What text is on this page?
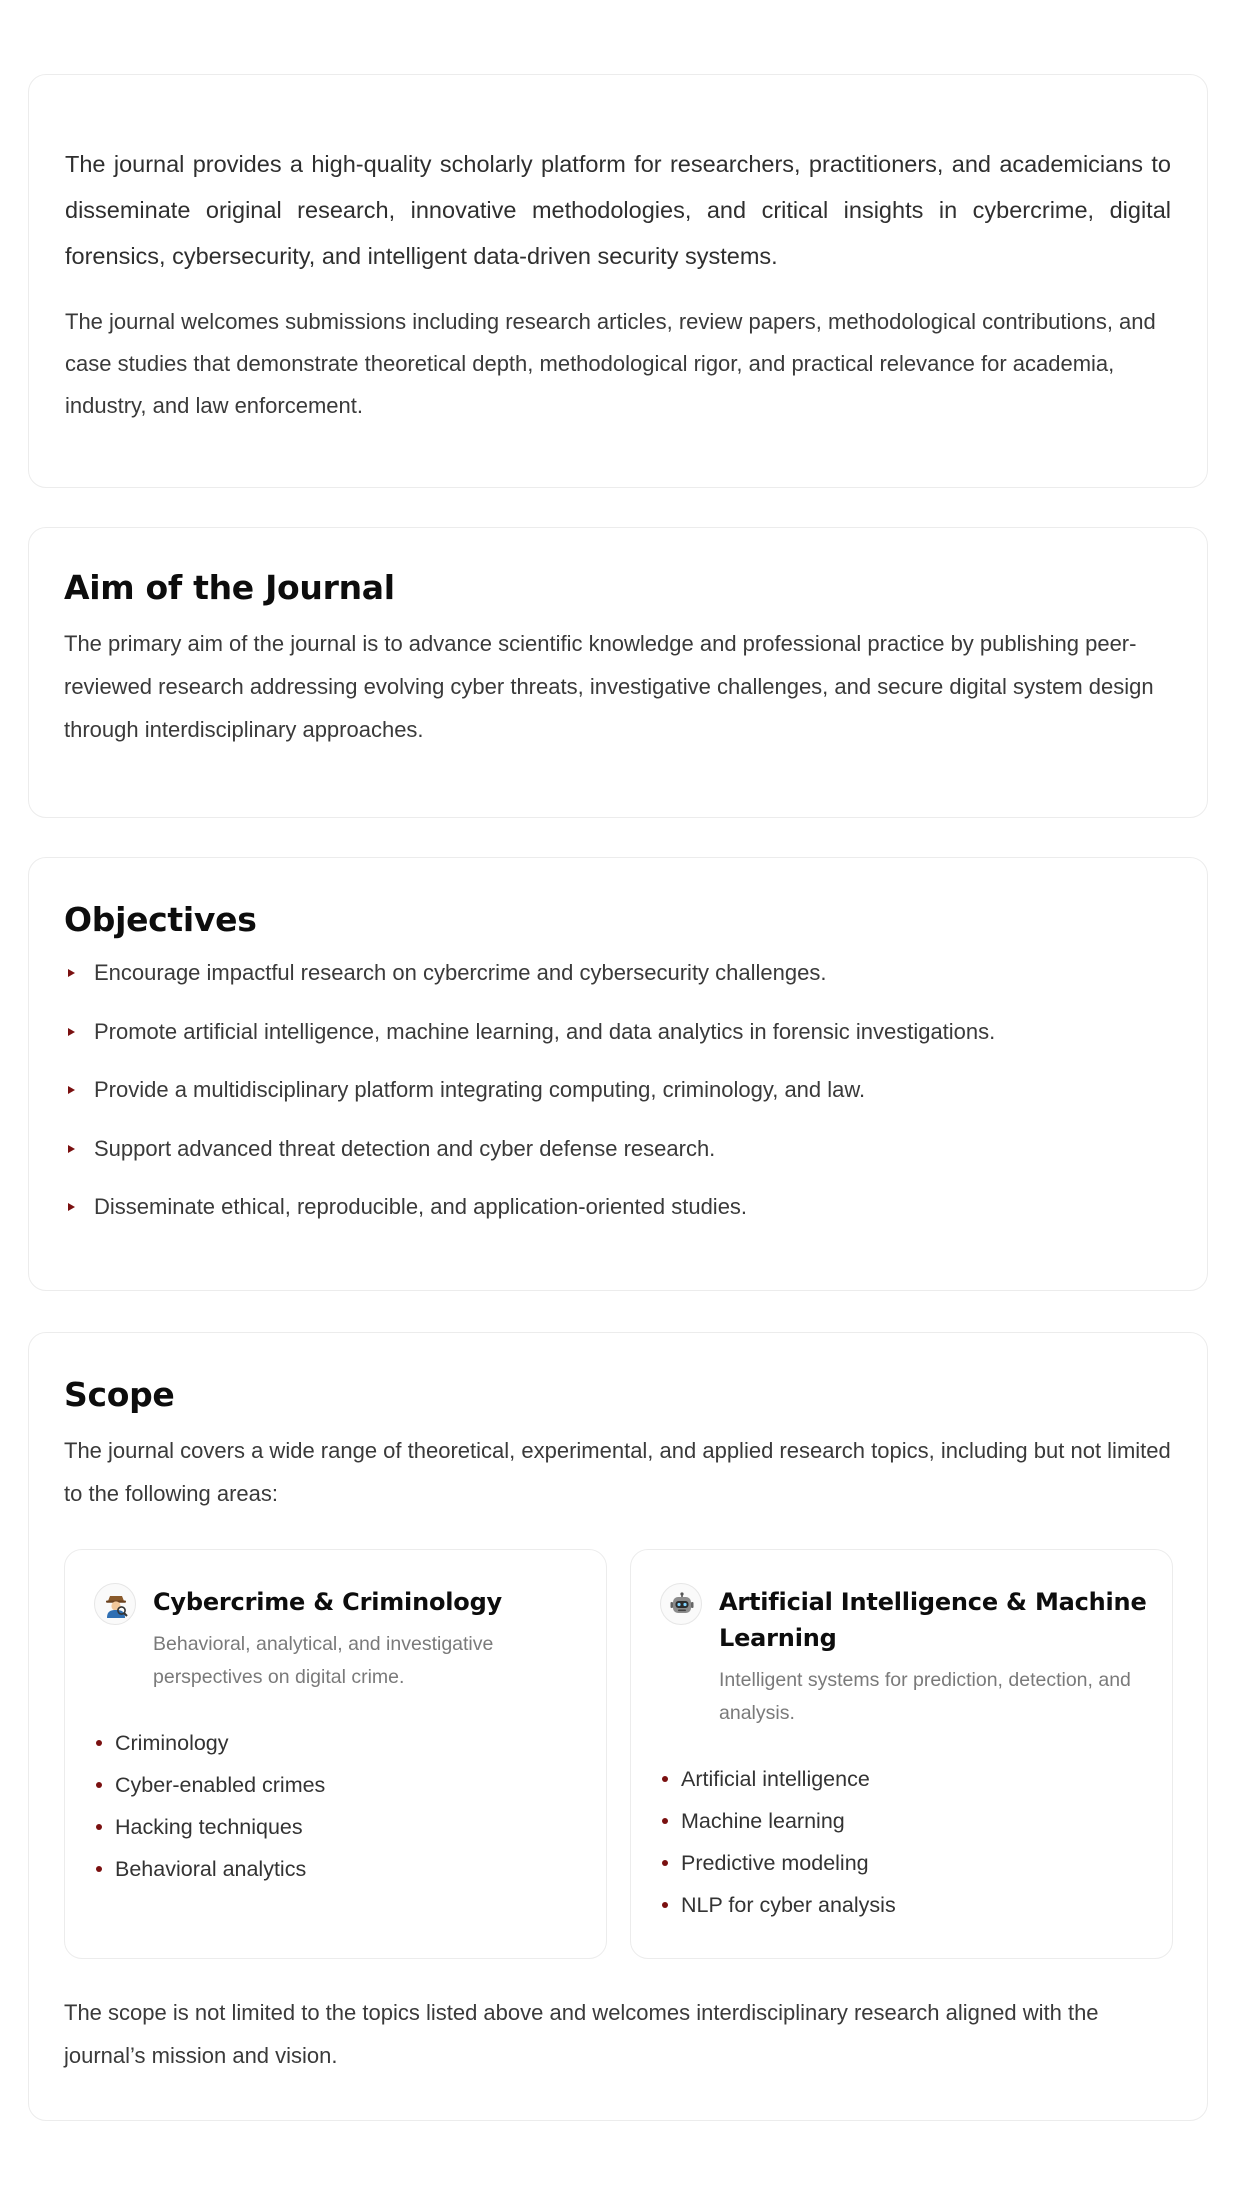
The journal provides a high-quality scholarly platform for researchers, practitioners, and academicians to disseminate original research, innovative methodologies, and critical insights in cybercrime, digital forensics, cybersecurity, and intelligent data-driven security systems.

The journal welcomes submissions including research articles, review papers, methodological contributions, and case studies that demonstrate theoretical depth, methodological rigor, and practical relevance for academia, industry, and law enforcement.

Aim of the Journal

The primary aim of the journal is to advance scientific knowledge and professional practice by publishing peer-reviewed research addressing evolving cyber threats, investigative challenges, and secure digital system design through interdisciplinary approaches.

Objectives
Encourage impactful research on cybercrime and cybersecurity challenges.
Promote artificial intelligence, machine learning, and data analytics in forensic investigations.
Provide a multidisciplinary platform integrating computing, criminology, and law.
Support advanced threat detection and cyber defense research.
Disseminate ethical, reproducible, and application-oriented studies.
Scope

The journal covers a wide range of theoretical, experimental, and applied research topics, including but not limited to the following areas:

Cybercrime & Criminology

Behavioral, analytical, and investigative perspectives on digital crime.

Criminology
Cyber-enabled crimes
Hacking techniques
Behavioral analytics
Artificial Intelligence & Machine Learning

Intelligent systems for prediction, detection, and analysis.

Artificial intelligence
Machine learning
Predictive modeling
NLP for cyber analysis

The scope is not limited to the topics listed above and welcomes interdisciplinary research aligned with the journal’s mission and vision.
